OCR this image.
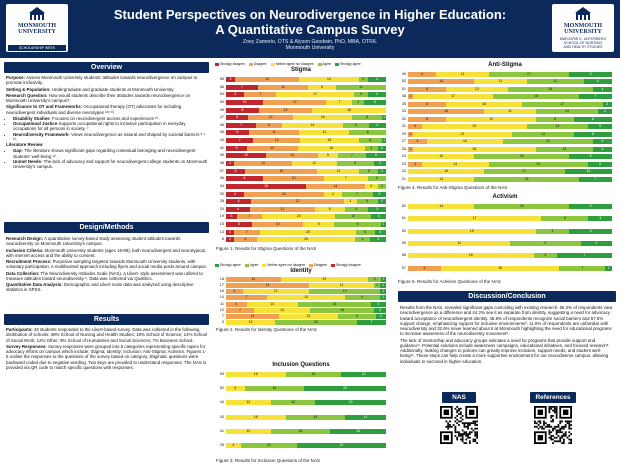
MONMOUTH
UNIVERSITY
SCHOLARSHIP WEEK
Student Perspectives on Neurodivergence in Higher Education:
A Quantitative Campus Survey
Zoey Zamerio, OTS & Alyson Goodwin, PhD, MBA, OTR/L
Monmouth University
MONMOUTH
UNIVERSITY
MARJORIE K. UNTERBERG
SCHOOL OF NURSING
AND HEALTH STUDIES
Overview

Purpose: Assess Monmouth University students’ attitudes towards neurodivergence on campus to promote inclusivity.

Setting & Population: Undergraduate and graduate students at Monmouth University.

Research Question: How would students describe their attitudes towards neurodivergence on Monmouth University’s campus?

Significance to OT and Frameworks: Occupational therapy (OT) advocates for including neurodivergent individuals and diverse neurotypes ¹²⁸ ¹⁰.

• Disability Studies- Focuses on neurodivergent access and experiences ¹⁰.
• Occupational Justice-Supports occupational rights to inclusive participation in everyday occupations for all persons in society. ⁷
• Neurodiversity Framework- Views neurodivergence as natural and shaped by societal barriers ² ⁴ ¹⁰.

Literature Review

• Gap- The literature shows significant gaps regarding contextual belonging and neurodivergent students’ well-being ¹².
• Unmet Needs- The lack of advocacy and support for neurodivergent college students on Monmouth University’s campus.
Design/Methods

Research Design: A quantitative survey-based study assessing student attitudes towards neurodiversity on Monmouth University’s campus.

Inclusion Criteria: Monmouth University students (ages 18-89), both neurodivergent and neurotypical, with internet access and the ability to consent.

Recruitment Process: Purposive sampling targeted towards Monmouth University students, with voluntary participation. A multifaceted approach including flyers and social media posts around campus.

Data Collection: The Neurodiversity Attitudes Scale (NAS), a Likert- style assessment was utilized to measure attitudes toward neurodiversity ⁶. Data was collected via Qualtrics.

Quantitative Data Analysis: Demographic and Likert scale data was analyzed using descriptive statistics in SPSS.

Results

Participants: 43 students responded to the Likert-based survey. Data was collected in the following distribution of schools: 39% School of Nursing and Health Studies; 19% School of Science; 14% School of Social Work; 12% Other; 9% School of Humanities and Social Sciences; 7% Business School.

Survey Responses: Survey responses were grouped into 5 categories representing specific topics for advocacy efforts on campus which include: Stigma; Identity; Inclusion; Anti-Stigma; Activism. Figures 1-5 outline the responses to the questions of the survey based on category. Stigmatic questions were backward coded due to negative wording. Two keys are provided to understand responses. The NAS is provided via QR code to match specific questions with responses.

Strongly disagree	Disagree	Neither agree nor disagree	Agree	Strongly agree
Stigma
55	2	14	13	2	4
56	7	11	6	11
54	4	7	17	3	4
50	10	17	7	3	6
49	8	13	18
47	6	12	16	8	1
46	7	6	14	6	4
45	5	11	11	8
44	7	12	15	6	1
42	5	12	16	3	2
39	10	13	5	7	5
38	2	14	11	9	3
37	5	19	11	5	2
36	6	10	7	3
34	19	14	3	2
30	4	18	4	7	3
28	6	22	3	5	2
20	4	11	5	4	3
19	3	7	20	10	4
15	5	10	6	9	1
13	2	7	25	5	3
6	2	6	25	4	4
Figure 1. Results for Stigma Questions of the NAS
Identity
18	12	19	3	1
17	14	11	1	1
16	3	12	13	1
14	7	13	6	1
11	4	10	14	3
10	7	14	16	3
7	11	12	8	2
3	12	20	7
Figure 2. Results for Identity Questions of the NAS
Inclusion Questions
53	16	15	12
52	5	16	22
44	12	12	19
43	16	16	11
41	12	16	15
25	4	15	24
Figure 3. Results for Inclusion Questions of the NAS
Strongly agree	Agree	Neither agree nor disagree	Disagree	Strongly disagree
Anti-Stigma
40	6	11	17	9
52	14	11	12	6
51	8	13	18	4
48	1	17	18	7
35	8	16	17	2
33	16	11	13	3
32	8	19	8	8
31	3	22	13	5
29	1	21	13	8
27	4	16	19	4
26	1	26	12	4
24	14	20	9
23	3	14	21	5
22	16	17	10
21	14	22	7
Figure 4. Results for Anti-Stigma Questions of the NAS
Activism
62	14	20	9
61	17	6	3
60	15	4	5
59	13	9	4
58	16	3	7
57	5	18	7	1
Figure 5. Results for Activism Questions of the NAS
Discussion/Conclusion

Results from the NAS, revealed significant gaps coinciding with existing research. 65.2% of respondents view neurodivergence as a difference and 44.2% see it as separate from identity, suggesting a need for advocacy toward acceptance of neurodivergent identity. 46.8% of respondents recognize social barriers and 67.5% support change, emphasizing support for inclusive environments³. 11.6% of respondents are unfamiliar with neurodiversity and 32.6% never learned about it at Monmouth highlighting the need for educational programs to increase awareness of the neurodiversity movement⁹.

The lack of mentorship and advocacy groups indicates a need for programs that provide support and guidance⁹. Potential solutions include awareness campaigns, educational initiatives, and focused research⁸. Additionally, making changes to policies can greatly improve inclusion, support needs, and student well-being¹¹. These steps can help create a more supportive environment for our neurodiverse campus, allowing individuals to succeed in higher education.

NAS	References
